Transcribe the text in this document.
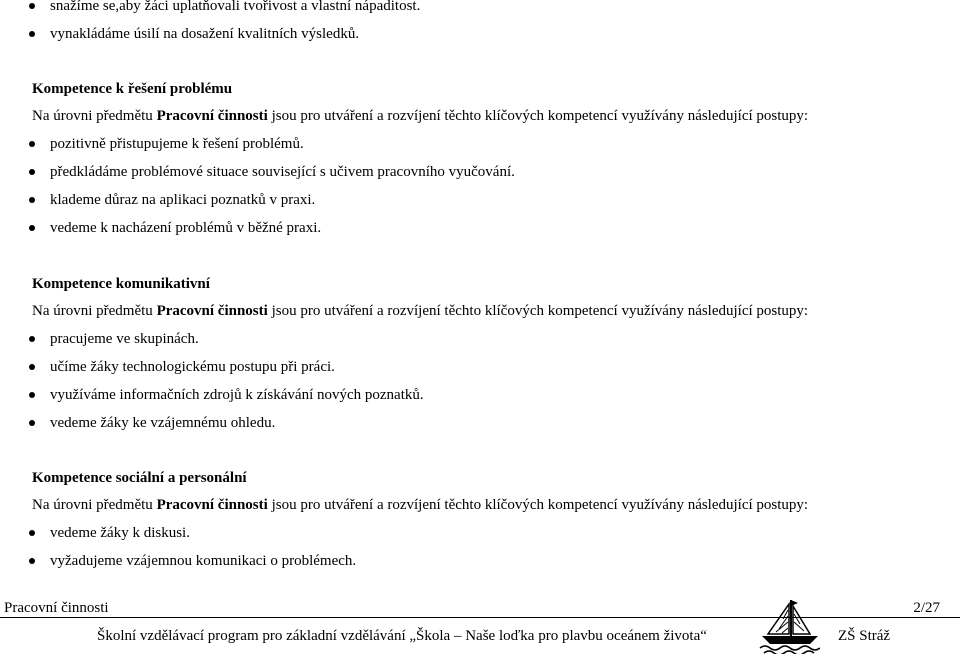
snažíme se,aby žáci uplatňovali tvořivost a vlastní nápaditost.
vynakládáme úsilí na dosažení kvalitních výsledků.
Kompetence k řešení problému
Na úrovni předmětu Pracovní činnosti jsou pro utváření a rozvíjení těchto klíčových kompetencí využívány následující postupy:
pozitivně přistupujeme k řešení problémů.
předkládáme problémové situace související s učivem pracovního vyučování.
klademe důraz na aplikaci poznatků v praxi.
vedeme k nacházení problémů v běžné praxi.
Kompetence komunikativní
Na úrovni předmětu Pracovní činnosti jsou pro utváření a rozvíjení těchto klíčových kompetencí využívány následující postupy:
pracujeme ve skupinách.
učíme žáky technologickému postupu při práci.
využíváme informačních zdrojů k získávání nových poznatků.
vedeme žáky ke vzájemnému ohledu.
Kompetence sociální a personální
Na úrovni předmětu Pracovní činnosti jsou pro utváření a rozvíjení těchto klíčových kompetencí využívány následující postupy:
vedeme žáky k diskusi.
vyžadujeme vzájemnou komunikaci o problémech.
Pracovní činnosti	2/27
Školní vzdělávací program pro základní vzdělávání „Škola – Naše loďka pro plavbu oceánem života“	ZŠ Stráž
